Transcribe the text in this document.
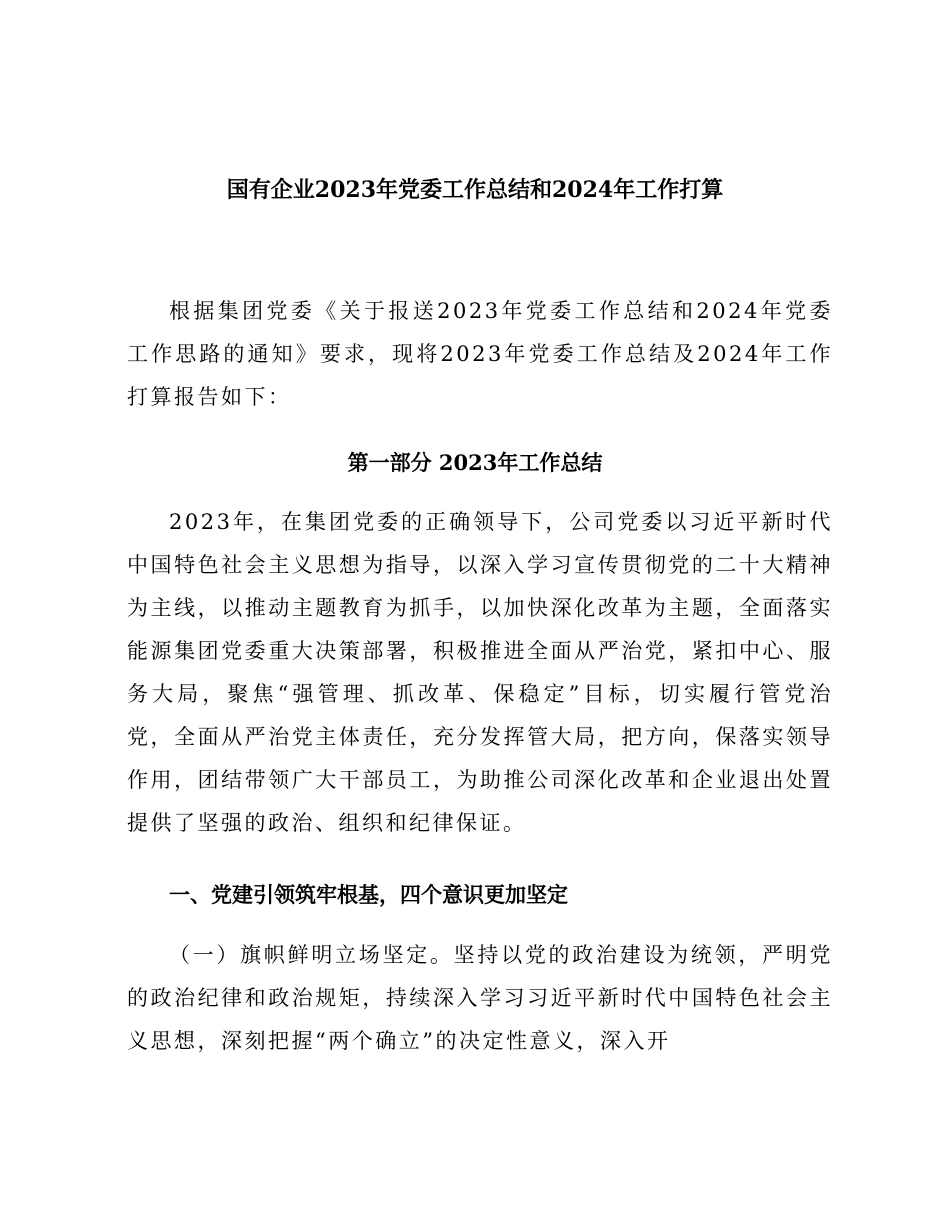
国有企业2023年党委工作总结和2024年工作打算

根据集团党委《关于报送2023年党委工作总结和2024年党委工作思路的通知》要求，现将2023年党委工作总结及2024年工作打算报告如下：

第一部分 2023年工作总结

2023年，在集团党委的正确领导下，公司党委以习近平新时代中国特色社会主义思想为指导，以深入学习宣传贯彻党的二十大精神为主线，以推动主题教育为抓手，以加快深化改革为主题，全面落实能源集团党委重大决策部署，积极推进全面从严治党，紧扣中心、服务大局，聚焦“强管理、抓改革、保稳定”目标，切实履行管党治党，全面从严治党主体责任，充分发挥管大局，把方向，保落实领导作用，团结带领广大干部员工，为助推公司深化改革和企业退出处置提供了坚强的政治、组织和纪律保证。

一、党建引领筑牢根基，四个意识更加坚定

（一）旗帜鲜明立场坚定。坚持以党的政治建设为统领，严明党的政治纪律和政治规矩，持续深入学习习近平新时代中国特色社会主义思想，深刻把握“两个确立”的决定性意义，深入开
